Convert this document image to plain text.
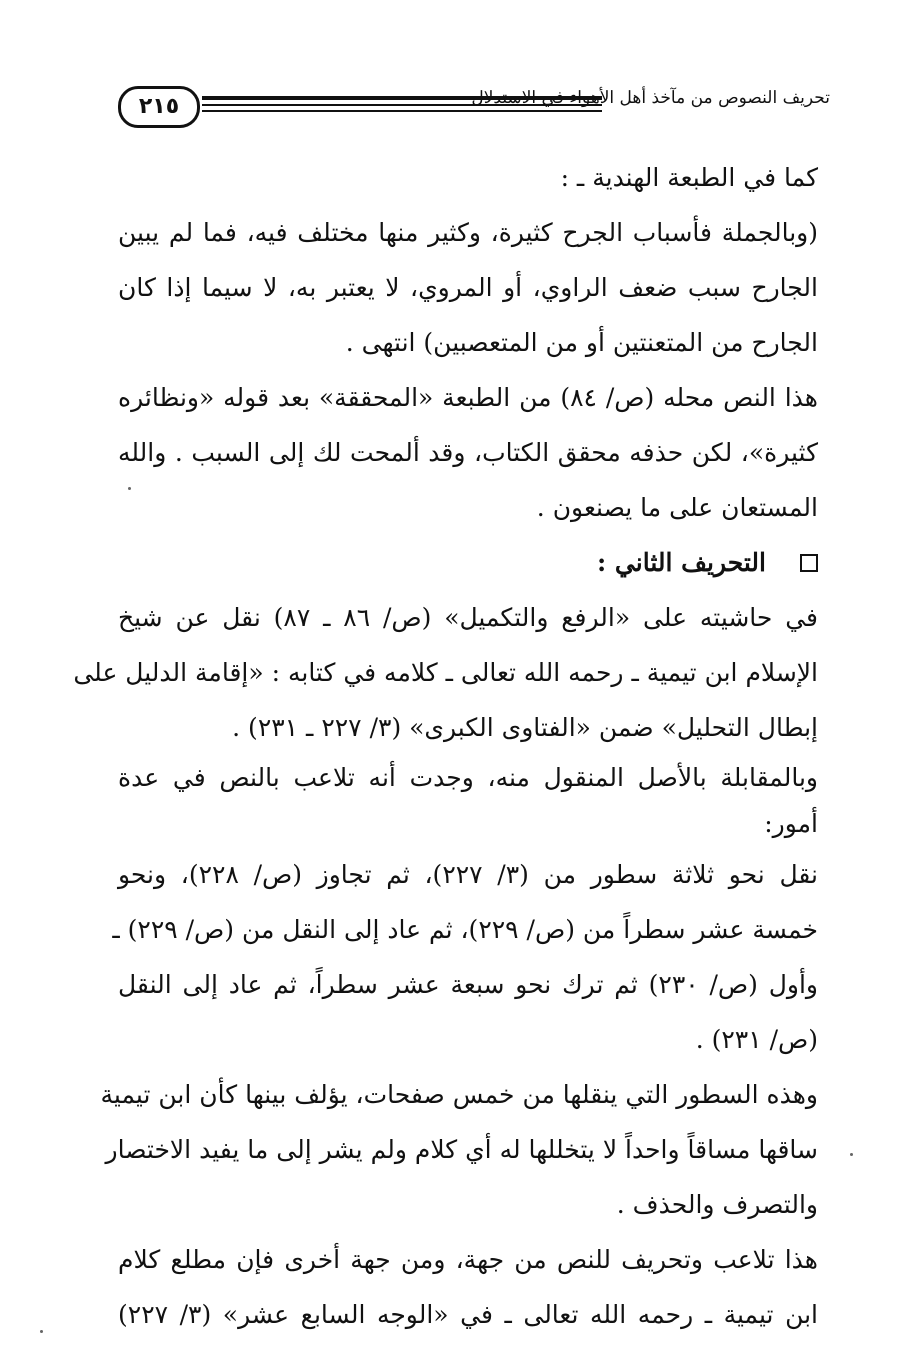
٢١٥	تحريف النصوص من مآخذ أهل الأهواء في الاستدلال
كما في الطبعة الهندية ـ :
(وبالجملة فأسباب الجرح كثيرة، وكثير منها مختلف فيه، فما لم يبين
الجارح سبب ضعف الراوي، أو المروي، لا يعتبر به، لا سيما إذا كان
الجارح من المتعنتين أو من المتعصبين) انتهى .
هذا النص محله (ص/ ٨٤) من الطبعة «المحققة» بعد قوله «ونظائره
كثيرة»، لكن حذفه محقق الكتاب، وقد ألمحت لك إلى السبب . والله
المستعان على ما يصنعون .
التحريف الثاني :
في حاشيته على «الرفع والتكميل» (ص/ ٨٦ ـ ٨٧) نقل عن شيخ
الإسلام ابن تيمية ـ رحمه الله تعالى ـ كلامه في كتابه : «إقامة الدليل على
إبطال التحليل» ضمن «الفتاوى الكبرى» (٣/ ٢٢٧ ـ ٢٣١) .
وبالمقابلة بالأصل المنقول منه، وجدت أنه تلاعب بالنص في عدة
أمور:
نقل نحو ثلاثة سطور من (٣/ ٢٢٧)، ثم تجاوز (ص/ ٢٢٨)، ونحو
خمسة عشر سطراً من (ص/ ٢٢٩)، ثم عاد إلى النقل من (ص/ ٢٢٩) ـ
وأول (ص/ ٢٣٠) ثم ترك نحو سبعة عشر سطراً، ثم عاد إلى النقل
(ص/ ٢٣١) .
وهذه السطور التي ينقلها من خمس صفحات، يؤلف بينها كأن ابن تيمية
ساقها مساقاً واحداً لا يتخللها له أي كلام ولم يشر إلى ما يفيد الاختصار
والتصرف والحذف .
هذا تلاعب وتحريف للنص من جهة، ومن جهة أخرى فإن مطلع كلام
ابن تيمية ـ رحمه الله تعالى ـ في «الوجه السابع عشر» (٣/ ٢٢٧)
